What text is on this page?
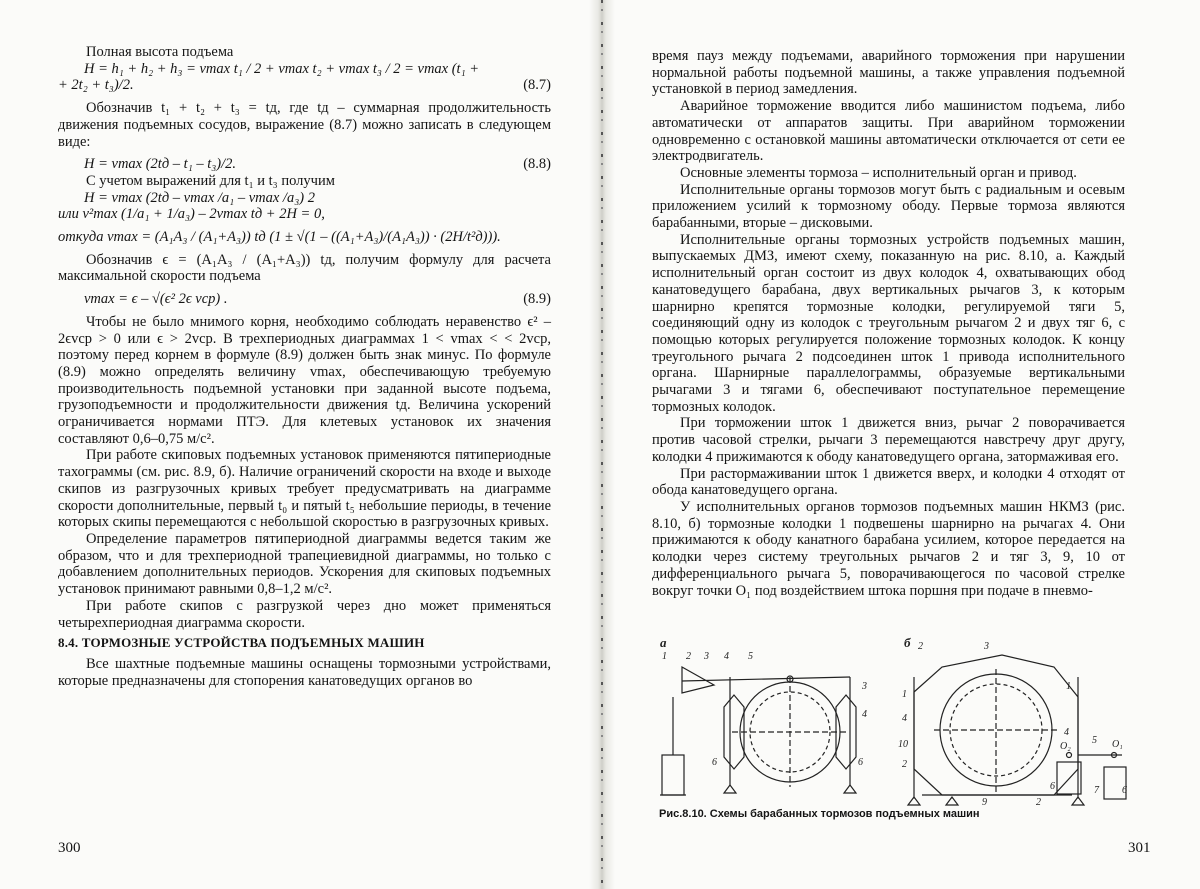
Полная высота подъема

H = h₁ + h₂ + h₃ = vmax t₁ / 2 + vmax t₂ + vmax t₃ / 2 = vmax (t₁ +

+ 2t₂ + t₃)/2.	(8.7)

Обозначив t₁ + t₂ + t₃ = tд, где tд – суммарная продолжительность движения подъемных сосудов, выражение (8.7) можно записать в следующем виде:

H = vmax (2tд – t₁ – t₃)/2.	(8.8)

С учетом выражений для t₁ и t₃ получим

H = vmax (2tд – vmax /a₁ – vmax /a₃) 2

или v²max (1/a₁ + 1/a₃) – 2vmax tд + 2H = 0,

откуда vmax = (A₁A₃ / (A₁+A₃)) tд (1 ± √(1 – ((A₁+A₃)/(A₁A₃)) · (2H/t²д))).

Обозначив ϵ = (A₁A₃ / (A₁+A₃)) tд, получим формулу для расчета максимальной скорости подъема

vmax = ϵ – √(ϵ² 2ϵ vср) .	(8.9)

Чтобы не было мнимого корня, необходимо соблюдать неравенство ϵ² – 2ϵvср > 0 или ϵ > 2vср. В трехпериодных диаграммах 1 < vmax < < 2vср, поэтому перед корнем в формуле (8.9) должен быть знак минус. По формуле (8.9) можно определять величину vmax, обеспечивающую требуемую производительность подъемной установки при заданной высоте подъема, грузоподъемности и продолжительности движения tд. Величина ускорений ограничивается нормами ПТЭ. Для клетевых установок их значения составляют 0,6–0,75 м/с².

При работе скиповых подъемных установок применяются пятипериодные тахограммы (см. рис. 8.9, б). Наличие ограничений скорости на входе и выходе скипов из разгрузочных кривых требует предусматривать на диаграмме скорости дополнительные, первый t₀ и пятый t₅ небольшие периоды, в течение которых скипы перемещаются с небольшой скоростью в разгрузочных кривых.

Определение параметров пятипериодной диаграммы ведется таким же образом, что и для трехпериодной трапециевидной диаграммы, но только с добавлением дополнительных периодов. Ускорения для скиповых подъемных установок принимают равными 0,8–1,2 м/с².

При работе скипов с разгрузкой через дно может применяться четырехпериодная диаграмма скорости.

8.4. ТОРМОЗНЫЕ УСТРОЙСТВА ПОДЪЕМНЫХ МАШИН

Все шахтные подъемные машины оснащены тормозными устройствами, которые предназначены для стопорения канатоведущих органов во

300

время пауз между подъемами, аварийного торможения при нарушении нормальной работы подъемной машины, а также управления подъемной установкой в период замедления.

Аварийное торможение вводится либо машинистом подъема, либо автоматически от аппаратов защиты. При аварийном торможении одновременно с остановкой машины автоматически отключается от сети ее электродвигатель.

Основные элементы тормоза – исполнительный орган и привод.

Исполнительные органы тормозов могут быть с радиальным и осевым приложением усилий к тормозному ободу. Первые тормоза являются барабанными, вторые – дисковыми.

Исполнительные органы тормозных устройств подъемных машин, выпускаемых ДМЗ, имеют схему, показанную на рис. 8.10, а. Каждый исполнительный орган состоит из двух колодок 4, охватывающих обод канатоведущего барабана, двух вертикальных рычагов 3, к которым шарнирно крепятся тормозные колодки, регулируемой тяги 5, соединяющий одну из колодок с треугольным рычагом 2 и двух тяг 6, с помощью которых регулируется положение тормозных колодок. К концу треугольного рычага 2 подсоединен шток 1 привода исполнительного органа. Шарнирные параллелограммы, образуемые вертикальными рычагами 3 и тягами 6, обеспечивают поступательное перемещение тормозных колодок.

При торможении шток 1 движется вниз, рычаг 2 поворачивается против часовой стрелки, рычаги 3 перемещаются навстречу друг другу, колодки 4 прижимаются к ободу канатоведущего органа, затормаживая его.

При растормаживании шток 1 движется вверх, и колодки 4 отходят от обода канатоведущего органа.

У исполнительных органов тормозов подъемных машин НКМЗ (рис. 8.10, б) тормозные колодки 1 подвешены шарнирно на рычагах 4. Они прижимаются к ободу канатного барабана усилием, которое передается на колодки через систему треугольных рычагов 2 и тяг 3, 9, 10 от дифференциального рычага 5, поворачивающегося по часовой стрелке вокруг точки O₁ под воздействием штока поршня при подаче в пневмо-

а	б
1 2 3 4 5
3
4
6	6
2	3
1
1
4
4
10
2
9	2
6
5
7 6
O₂	O₁
Рис.8.10. Схемы барабанных тормозов подъемных машин
301
